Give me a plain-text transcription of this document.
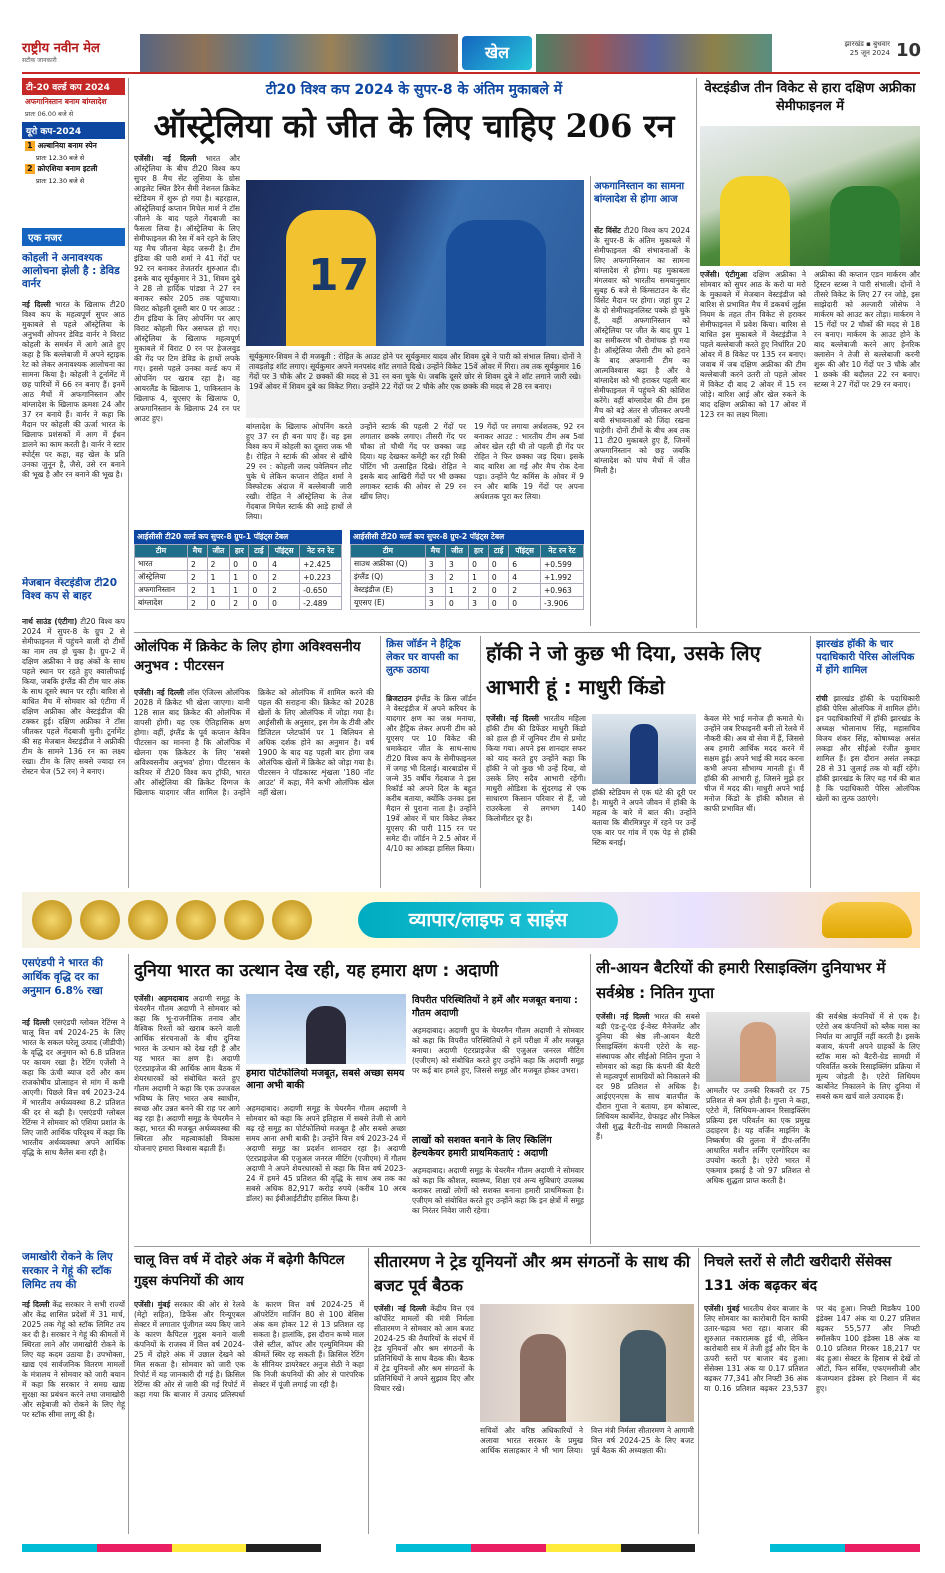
राष्ट्रीय नवीन मेल
सटीक जानकारी	खेल	झारखंड ▪ बुधवार
25 जून 2024 10
टी-20 वर्ल्ड कप 2024
अफगानिस्तान बनाम बांग्लादेश
प्रातः 06.00 बजे से
यूरो कप-2024
1 अल्बानिया बनाम स्पेन
प्रातः 12.30 बजे से
2 क्रोएशिया बनाम इटली
प्रातः 12.30 बजे से
एक नजर
कोहली ने अनावश्यक आलोचना झेली है : डेविड वार्नर
नई दिल्ली भारत के खिलाफ टी20 विश्व कप के महत्वपूर्ण सुपर आठ मुकाबले से पहले ऑस्ट्रेलिया के अनुभवी ओपनर डेविड वार्नर ने विराट कोहली के समर्थन में आगे आते हुए कहा है कि बल्लेबाजी में अपने स्ट्राइक रेट को लेकर अनावश्यक आलोचना का सामना किया है। कोहली ने टूर्नामेंट में छह पारियों में 66 रन बनाए हैं। इनमें आठ मैचों में अफगानिस्तान और बांग्लादेश के खिलाफ क्रमशः 24 और 37 रन बनाये हैं। वार्नर ने कहा कि मैदान पर कोहली की ऊर्जा भारत के खिलाफ प्रशंसकों में आग में ईंधन डालने का काम करती है। वार्नर ने स्टार स्पोर्ट्स पर कहा, वह खेल के प्रति उनका जुनून है, जैसे, उसे रन बनाने की भूख है और रन बनाने की भूख है।
मेजबान वेस्टइंडीज टी20 विश्व कप से बाहर
नार्थ साउंड (एंटीगा) टी20 विश्व कप 2024 में सुपर-8 के ग्रुप 2 से सेमीफाइनल में पहुंचने वाली दो टीमों का नाम तय हो चुका है। ग्रुप-2 में दक्षिण अफ्रीका ने छह अंकों के साथ पहले स्थान पर रहते हुए क्वालीफाई किया, जबकि इंग्लैंड की टीम चार अंक के साथ दूसरे स्थान पर रही। बारिश से बाधित मैच में सोमवार को एंटीगा में दक्षिण अफ्रीका और वेस्टइंडीज की टक्कर हुई। दक्षिण अफ्रीका ने टॉस जीतकर पहले गेंदबाजी चुनी। टूर्नामेंट की सह मेजबान वेस्टइंडीज ने अफ्रीकी टीम के सामने 136 रन का लक्ष्य रखा। टीम के लिए सबसे ज्यादा रन रोस्टन चेज (52 रन) ने बनाए।
टी20 विश्व कप 2024 के सुपर-8 के अंतिम मुकाबले में
ऑस्ट्रेलिया को जीत के लिए चाहिए 206 रन
एजेंसी। नई दिल्ली भारत और ऑस्ट्रेलिया के बीच टी20 विश्व कप सुपर 8 मैच सेंट लूसिया के ग्रोस आइलेट स्थित डैरेन सैमी नेशनल क्रिकेट स्टेडियम में शुरू हो गया है। बहरहाल, ऑस्ट्रेलियाई कप्तान मिचेल मार्श ने टॉस जीतने के बाद पहले गेंदबाजी का फैसला लिया है। ऑस्ट्रेलिया के लिए सेमीफाइनल की रेस में बने रहने के लिए यह मैच जीतना बेहद जरूरी है। टीम इंडिया की पारी शर्मा ने 41 गेंदों पर 92 रन बनाकर तेजतर्रार शुरुआत दी। इसके बाद सूर्यकुमार ने 31, शिवम दुबे ने 28 तो हार्दिक पांड्या ने 27 रन बनाकर स्कोर 205 तक पहुंचाया। विराट कोहली दूसरी बार 0 पर आउट : टीम इंडिया के लिए ओपनिंग पर आए विराट कोहली फिर असफल हो गए। ऑस्ट्रेलिया के खिलाफ महत्वपूर्ण मुकाबले में विराट 0 रन पर हेजलवुड की गेंद पर टिम डेविड के हाथों लपके गए। इससे पहले उनका वर्ल्ड कप में ओपनिंग पर खराब रहा है। वह आयरलैंड के खिलाफ 1, पाकिस्तान के खिलाफ 4, यूएसए के खिलाफ 0, अफगानिस्तान के खिलाफ 24 रन पर आउट हुए।
17
सूर्यकुमार-शिवम ने दी मजबूती : रोहित के आउट होने पर सूर्यकुमार यादव और शिवम दुबे ने पारी को संभाल लिया। दोनों ने तावड़तोड़ शॉट लगाए। सूर्यकुमार अपने मनपसंद शॉट लगाते दिखे। उन्होंने विकेट 15वें ओवर में गिरा। तब तक सूर्यकुमार 16 गेंदों पर 3 चौके और 2 छक्कों की मदद से 31 रन बना चुके थे। जबकि दूसरे छोर से शिवम दुबे ने शॉट लगाने जारी रखे। 19वें ओवर में शिवम दुबे का विकेट गिरा। उन्होंने 22 गेंदों पर 2 चौके और एक छक्के की मदद से 28 रन बनाए।
बांग्लादेश के खिलाफ ओपनिंग करते हुए 37 रन ही बना पाए हैं। वह इस विश्व कप में कोहली का दूसरा जक भी है। रोहित ने स्टार्क की ओवर से खींचे 29 रन : कोहली जल्द पवेलियन लौट चुके थे लेकिन कप्तान रोहित शर्मा ने विस्फोटक अंदाज में बल्लेबाजी जारी रखी। रोहित ने ऑस्ट्रेलिया के तेज गेंदबाज मिचेल स्टार्क की आड़े हाथों ले लिया।
उन्होंने स्टार्क की पहली 2 गेंदों पर लगातार छक्के लगाए। तीसरी गेंद पर चौका तो चौथी गेंद पर छक्का जड़ दिया। यह देखकर कमेंट्री कर रही रिकी पोंटिंग भी उत्साहित दिखे। रोहित ने इसके बाद आखिरी गेंदों पर भी छक्का लगाकर स्टार्क की ओवर से 29 रन खींच लिए।
19 गेंदों पर लगाया अर्धशतक, 92 रन बनाकर आउट : भारतीय टीम अब 5वां ओवर खेल रही थी तो पहली ही गेंद पर रोहित ने फिर छक्का जड़ दिया। इसके बाद बारिश आ गई और मैच रोक देना पड़ा। उन्होंने पैट कमिंस के ओवर में 9 रन और बाकि 19 गेंदों पर अपना अर्धशतक पूरा कर लिया।
आईसीसी टी20 वर्ल्ड कप सुपर-8 ग्रुप-1 पॉइंट्स टेबल
टीम	मैच	जीत	हार	टाई	पॉइंट्स	नेट रन रेट
भारत	2	2	0	0	4	+2.425
ऑस्ट्रेलिया	2	1	1	0	2	+0.223
अफगानिस्तान	2	1	1	0	2	-0.650
बांग्लादेश	2	0	2	0	0	-2.489
आईसीसी टी20 वर्ल्ड कप सुपर-8 ग्रुप-2 पॉइंट्स टेबल
टीम	मैच	जीत	हार	टाई	पॉइंट्स	नेट रन रेट
साउथ अफ्रीका (Q)	3	3	0	0	6	+0.599
इंग्लैंड (Q)	3	2	1	0	4	+1.992
वेस्टइंडीज (E)	3	1	2	0	2	+0.963
यूएसए (E)	3	0	3	0	0	-3.906
अफगानिस्तान का सामना बांग्लादेश से होगा आज
सेंट विंसेंट टी20 विश्व कप 2024 के सुपर-8 के अंतिम मुकाबले में सेमीफाइनल की संभावनाओं के लिए अफगानिस्तान का सामना बांग्लादेश से होगा। यह मुकाबला मंगलवार को भारतीय समयानुसार सुबह 6 बजे से किंग्सटाउन के सेंट विंसेंट मैदान पर होगा। जहां ग्रुप 2 के दो सेमीफाइनलिस्ट पक्के हो चुके हैं, वहीं अफगानिस्तान को ऑस्ट्रेलिया पर जीत के बाद ग्रुप 1 का समीकरण भी रोमांचक हो गया है। ऑस्ट्रेलिया जैसी टीम को हराने के बाद अफगानी टीम का आत्मविश्वास बढ़ा है और वे बांग्लादेश को भी हराकर पहली बार सेमीफाइनल में पहुंचने की कोशिश करेंगे। वहीं बांग्लादेश की टीम इस मैच को बड़े अंतर से जीतकर अपनी बची संभावनाओं को जिंदा रखना चाहेगी। दोनों टीमों के बीच अब तक 11 टी20 मुकाबले हुए हैं, जिनमें अफगानिस्तान को छह जबकि बांग्लादेश को पांच मैचों में जीत मिली है।
वेस्टइंडीज तीन विकेट से हारा दक्षिण अफ्रीका सेमीफाइनल में
एजेंसी। एंटीगुआ दक्षिण अफ्रीका ने सोमवार को सुपर आठ के करो या मरो के मुकाबले में मेजबान वेस्टइंडीज को बारिश से प्रभावित मैच में डकवर्थ लुईस नियम के तहत तीन विकेट से हराकर सेमीफाइनल में प्रवेश किया। बारिश से बाधित इस मुकाबले में वेस्टइंडीज ने पहले बल्लेबाजी करते हुए निर्धारित 20 ओवर में 8 विकेट पर 135 रन बनाए। जवाब में जब दक्षिण अफ्रीका की टीम बल्लेबाजी करने उतरी तो पहले ओवर में विकेट दी बाद 2 ओवर में 15 रन जोड़े। बारिश आई और खेल रुकने के बाद दक्षिण अफ्रीका को 17 ओवर में 123 रन का लक्ष्य मिला।
अफ्रीका की कप्तान एडन मार्करम और ट्रिस्टन स्टब्स ने पारी संभाली। दोनों ने तीसरे विकेट के लिए 27 रन जोड़े, इस साझेदारी को अल्जारी जोसेफ ने मार्करम को आउट कर तोड़ा। मार्करम ने 15 गेंदों पर 2 चौकों की मदद से 18 रन बनाए। मार्करम के आउट होने के बाद बल्लेबाजी करने आए हेनरिक क्लासेन ने तेजी से बल्लेबाजी करनी शुरू की और 10 गेंदों पर 3 चौके और 1 छक्के की बदौलत 22 रन बनाए। स्टब्स ने 27 गेंदों पर 29 रन बनाए।
ओलंपिक में क्रिकेट के लिए होगा अविश्वसनीय अनुभव : पीटरसन
एजेंसी। नई दिल्ली लॉस एंजिल्स ओलंपिक 2028 में क्रिकेट भी खेला जाएगा। यानी 128 साल बाद क्रिकेट की ओलंपिक में वापसी होगी। यह एक ऐतिहासिक क्षण होगा। वहीं, इंग्लैंड के पूर्व कप्तान केविन पीटरसन का मानना है कि ओलंपिक में खेलना एक क्रिकेटर के लिए 'सबसे अविश्वसनीय अनुभव' होगा। पीटरसन के करियर में टी20 विश्व कप ट्रॉफी, भारत और ऑस्ट्रेलिया की क्रिकेट दिग्गज के खिलाफ यादगार जीत शामिल है। उन्होंने क्रिकेट को ओलंपिक में शामिल करने की पहल की सराहना की। क्रिकेट को 2028 खेलों के लिए ओलंपिक में जोड़ा गया है। आईसीसी के अनुसार, इस गेम के टीवी और डिजिटल प्लेटफॉर्म पर 1 बिलियन से अधिक दर्शक होने का अनुमान है। वर्ष 1900 के बाद यह पहली बार होगा जब ओलंपिक खेलों में क्रिकेट को जोड़ा गया है। पीटरसन ने पॉडकास्ट शृंखला '180 नॉट आउट' में कहा, मैंने कभी ओलंपिक खेल नहीं खेला।
क्रिस जॉर्डन ने हैट्रिक लेकर घर वापसी का लुत्फ उठाया
ब्रिजटाउन इंग्लैंड के क्रिस जॉर्डन ने वेस्टइंडीज में अपने करियर के यादगार क्षण का जश्न मनाया, और हैट्रिक लेकर अपनी टीम को यूएसए पर 10 विकेट की धमाकेदार जीत के साथ-साथ टी20 विश्व कप के सेमीफाइनल में जगह भी दिलाई। बारबाडोस में जन्मे 35 वर्षीय गेंदबाज ने इस रिकॉर्ड को अपने दिल के बहुत करीब बताया, क्योंकि उनका इस मैदान से पुराना नाता है। उन्होंने 19वें ओवर में चार विकेट लेकर यूएसए की पारी 115 रन पर समेट दी। जॉर्डन ने 2.5 ओवर में 4/10 का आंकड़ा हासिल किया।
हॉकी ने जो कुछ भी दिया, उसके लिए आभारी हूं : माधुरी किंडो
एजेंसी। नई दिल्ली भारतीय महिला हॉकी टीम की डिफेंडर माधुरी किंडो को हाल ही में जूनियर टीम से प्रमोट किया गया। अपने इस शानदार सफर को याद करते हुए उन्होंने कहा कि हॉकी ने जो कुछ भी उन्हें दिया, वो उसके लिए सदैव आभारी रहेंगी। माधुरी ओडिशा के सुंदरगढ़ से एक साधारण किसान परिवार से हैं, जो राउरकेला से लगभग 140 किलोमीटर दूर है।
हॉकी स्टेडियम से एक घंटे की दूरी पर है। माधुरी ने अपने जीवन में हॉकी के महत्व के बारे में बात की। उन्होंने बताया कि बीरमित्रपुर में रहने पर उन्हें एक बार पर गांव में एक पेड़ से हॉकी स्टिक बनाई।
केवल मेरे भाई मनोज ही कमाते थे। उन्होंने जब रिफाइनरी बनी तो रेलवे में नौकरी की। अब वो सेवा में हैं, जिससे अब हमारी आर्थिक मदद करने में सक्षम हुई। अपने भाई की मदद करना कभी अपना सौभाग्य मानती हूं। मैं हॉकी की आभारी हूं, जिसने मुझे हर चीज में मदद की। माधुरी अपने भाई मनोज किंडो के हॉकी कौशल से काफी प्रभावित थीं।
झारखंड हॉकी के चार पदाधिकारी पेरिस ओलंपिक में होंगे शामिल
रांची झारखंड हॉकी के पदाधिकारी हॉकी पेरिस ओलंपिक में शामिल होंगे। इन पदाधिकारियों में हॉकी झारखंड के अध्यक्ष भोलानाथ सिंह, महासचिव विजय शंकर सिंह, कोषाध्यक्ष असंत लकड़ा और सीईओ रंजीत कुमार शामिल हैं। इस दौरान असंत लकड़ा 28 से 31 जुलाई तक वो वहीं रहेंगे। हॉकी झारखंड के लिए यह गर्व की बात है कि पदाधिकारी पेरिस ओलंपिक खेलों का लुत्फ उठाएंगे।
व्यापार/लाइफ व साइंस
एसएंडपी ने भारत की आर्थिक वृद्धि दर का अनुमान 6.8% रखा
नई दिल्ली एसएंडपी ग्लोबल रेटिंग्स ने चालू वित्त वर्ष 2024-25 के लिए भारत के सकल घरेलू उत्पाद (जीडीपी) के वृद्धि दर अनुमान को 6.8 प्रतिशत पर कायम रखा है। रेटिंग एजेंसी ने कहा कि ऊंची ब्याज दरों और कम राजकोषीय प्रोत्साहन से मांग में कमी आएगी। पिछले वित्त वर्ष 2023-24 में भारतीय अर्थव्यवस्था 8.2 प्रतिशत की दर से बढ़ी है। एसएंडपी ग्लोबल रेटिंग्स ने सोमवार को एशिया प्रशांत के लिए जारी आर्थिक परिदृश्य में कहा कि भारतीय अर्थव्यवस्था अपने आर्थिक वृद्धि के साथ बैलेंस बना रही है।
जमाखोरी रोकने के लिए सरकार ने गेहूं की स्टॉक लिमिट तय की
नई दिल्ली केंद्र सरकार ने सभी राज्यों और केंद्र शासित प्रदेशों में 31 मार्च, 2025 तक गेहूं को स्टॉक लिमिट तय कर दी है। सरकार ने गेहूं की कीमतों में स्थिरता लाने और जमाखोरी रोकने के लिए यह कदम उठाया है। उपभोक्ता, खाद्य एवं सार्वजनिक वितरण मामलों के मंत्रालय ने सोमवार को जारी बयान में कहा कि सरकार ने समग्र खाद्य सुरक्षा का प्रबंधन करने तथा जमाखोरी और सट्टेबाजी को रोकने के लिए गेहूं पर स्टॉक सीमा लागू की है।
दुनिया भारत का उत्थान देख रही, यह हमारा क्षण : अदाणी
एजेंसी। अहमदाबाद अदाणी समूह के चेयरमैन गौतम अदाणी ने सोमवार को कहा कि भू-राजनीतिक तनाव और वैश्विक रिश्तों को खराब करने वाली आर्थिक संरचनाओं के बीच दुनिया भारत के उत्थान को देख रही है और यह भारत का क्षण है। अदाणी एंटरप्राइजेज की आर्थिक आम बैठक में शेयरधारकों को संबोधित करते हुए गौतम अदाणी ने कहा कि एक उज्जवल भविष्य के लिए भारत अब स्वाधीन, स्वच्छ और उन्नत बनने की राह पर आगे बढ़ रहा है। अदाणी समूह के चेयरमैन ने कहा, भारत की मजबूत अर्थव्यवस्था की स्थिरता और महत्वाकांक्षी विकास योजनाएं हमारा विश्वास बढ़ाती हैं।
हमारा पोर्टफोलियो मजबूत, सबसे अच्छा समय आना अभी बाकी
अहमदाबाद। अदाणी समूह के चेयरमैन गौतम अदाणी ने सोमवार को कहा कि अपने इतिहास में सबसे तेजी से आगे बढ़ रहे समूह का पोर्टफोलियो मजबूत है और सबसे अच्छा समय आना अभी बाकी है। उन्होंने वित्त वर्ष 2023-24 में अदाणी समूह का प्रदर्शन शानदार रहा है। अदाणी एंटरप्राइजेज की एजुअल जनरल मीटिंग (एजीएम) में गौतम अदाणी ने अपने शेयरधारकों से कहा कि वित्त वर्ष 2023-24 में हमने 45 प्रतिशत की वृद्धि के साथ अब तक का सबसे अधिक 82,917 करोड़ रुपये (करीब 10 अरब डॉलर) का ईबीआईटीडीए हासिल किया है।
विपरीत परिस्थितियों ने हमें और मजबूत बनाया : गौतम अदाणी
अहमदाबाद। अदाणी ग्रुप के चेयरमैन गौतम अदाणी ने सोमवार को कहा कि विपरीत परिस्थितियों ने हमें परीक्षा में और मजबूत बनाया। अदाणी एंटरप्राइजेज की एजुअल जनरल मीटिंग (एजीएम) को संबोधित करते हुए उन्होंने कहा कि अदाणी समूह पर कई बार हमले हुए, जिससे समूह और मजबूत होकर उभरा।
लाखों को सशक्त बनाने के लिए स्किलिंग हेल्थकेयर हमारी प्राथमिकताएं : अदाणी
अहमदाबाद। अदाणी समूह के चेयरमैन गौतम अदाणी ने सोमवार को कहा कि कौशल, स्वास्थ्य, शिक्षा एवं अन्य सुविधाएं उपलब्ध कराकर लाखों लोगों को सशक्त बनाना हमारी प्राथमिकता है। एजीएम को संबोधित करते हुए उन्होंने कहा कि इन क्षेत्रों में समूह का निरंतर निवेश जारी रहेगा।
ली-आयन बैटरियों की हमारी रिसाइक्लिंग दुनियाभर में सर्वश्रेष्ठ : नितिन गुप्ता
एजेंसी। नई दिल्ली भारत की सबसे बड़ी एंड-टू-एंड ई-वेस्ट मैनेजमेंट और दुनिया की श्रेष्ठ ली-आयन बैटरी रिसाइक्लिंग कंपनी एटेरो के सह-संस्थापक और सीईओ नितिन गुप्ता ने सोमवार को कहा कि कंपनी की बैटरी से महत्वपूर्ण सामग्रियों को निकालने की दर 98 प्रतिशत से अधिक है। आईएएनएस के साथ बातचीत के दौरान गुप्ता ने बताया, हम कोबाल्ट, लिथियम कार्बोनेट, ग्रेफाइट और निकेल जैसी शुद्ध बैटरी-ग्रेड सामग्री निकालते हैं।
आमतौर पर उनकी रिकवरी दर 75 प्रतिशत से कम होती है। गुप्ता ने कहा, एटेरो में, लिथियम-आयन रिसाइक्लिंग प्रक्रिया इस परिवर्तन का एक प्रमुख उदाहरण है। यह वर्जिन माइनिंग के निष्कर्षण की तुलना में डीप-लर्निंग आधारित मशीन लर्निंग एल्गोरिदम का उपयोग करती है। एटेरो भारत में एकमात्र इकाई है जो 97 प्रतिशत से अधिक शुद्धता प्राप्त करती है।
की सर्वश्रेष्ठ कंपनियों में से एक है। एटेरो अब कंपनियों को ब्लैक मास का निर्यात या आपूर्ति नहीं करती है। इसके बजाय, कंपनी अपने ग्राहकों के लिए स्टॉक मास को बैटरी-ग्रेड सामग्री में परिवर्तित करके रिसाइक्लिंग प्रक्रिया में मूल्य जोड़ती है। एटेरो लिथियम कार्बोनेट निकालने के लिए दुनिया में सबसे कम खर्च वाले उत्पादक हैं।
चालू वित्त वर्ष में दोहरे अंक में बढ़ेगी कैपिटल गुड्स कंपनियों की आय
एजेंसी। मुंबई सरकार की ओर से रेलवे (मेट्रो सहित), डिफेंस और रिन्यूएबल सेक्टर में लगातार पूंजीगत व्यय किए जाने के कारण कैपिटल गुड्स बनाने वाली कंपनियों के राजस्व में वित्त वर्ष 2024-25 में दोहरे अंक में उछाल देखने को मिल सकता है। सोमवार को जारी एक रिपोर्ट में यह जानकारी दी गई है। क्रिसिल रेटिंग्स की ओर से जारी की गई रिपोर्ट में कहा गया कि बाजार में उत्पाद प्रतिस्पर्धा के कारण वित्त वर्ष 2024-25 में ऑपरेटिंग मार्जिन 80 से 100 बेसिस अंक कम होकर 12 से 13 प्रतिशत रह सकता है। हालांकि, इस दौरान कच्चे माल जैसे स्टील, कॉपर और एल्युमिनियम की कीमतें स्थिर रह सकती हैं। क्रिसिल रेटिंग के सीनियर डायरेक्टर अनुज सेठी ने कहा कि निजी कंपनियों की ओर से पारंपरिक सेक्टर में पूंजी लगाई जा रही है।
सीतारमण ने ट्रेड यूनियनों और श्रम संगठनों के साथ की बजट पूर्व बैठक
एजेंसी। नई दिल्ली केंद्रीय वित्त एवं कॉर्पोरेट मामलों की मंत्री निर्मला सीतारमण ने सोमवार को आम बजट 2024-25 की तैयारियों के संदर्भ में ट्रेड यूनियनों और श्रम संगठनों के प्रतिनिधियों के साथ बैठक की। बैठक में ट्रेड यूनियनों और श्रम संगठनों के प्रतिनिधियों ने अपने सुझाव दिए और विचार रखे।
सचिवों और वरिष्ठ अधिकारियों ने अलावा भारत सरकार के प्रमुख आर्थिक सलाहकार ने भी भाग लिया। वित्त मंत्री निर्मला सीतारमण ने आगामी वित्त वर्ष 2024-25 के लिए बजट पूर्व बैठक की अध्यक्षता की।
निचले स्तरों से लौटी खरीदारी सेंसेक्स 131 अंक बढ़कर बंद
एजेंसी। मुंबई भारतीय शेयर बाजार के लिए सोमवार का कारोबारी दिन काफी उतार-चढ़ाव भरा रहा। बाजार की शुरुआत नकारात्मक हुई थी, लेकिन कारोबारी सत्र में तेजी हुई और दिन के ऊपरी स्तरों पर बाजार बंद हुआ। सेंसेक्स 131 अंक या 0.17 प्रतिशत बढ़कर 77,341 और निफ्टी 36 अंक या 0.16 प्रतिशत बढ़कर 23,537 पर बंद हुआ। निफ्टी मिडकैप 100 इंडेक्स 147 अंक या 0.27 प्रतिशत बढ़कर 55,577 और निफ्टी स्मॉलकैप 100 इंडेक्स 18 अंक या 0.10 प्रतिशत गिरकर 18,217 पर बंद हुआ। सेक्टर के हिसाब से देखें तो ऑटो, फिन सर्विस, एफएमसीजी और कंजम्पशन इंडेक्स हरे निशान में बंद हुए।
